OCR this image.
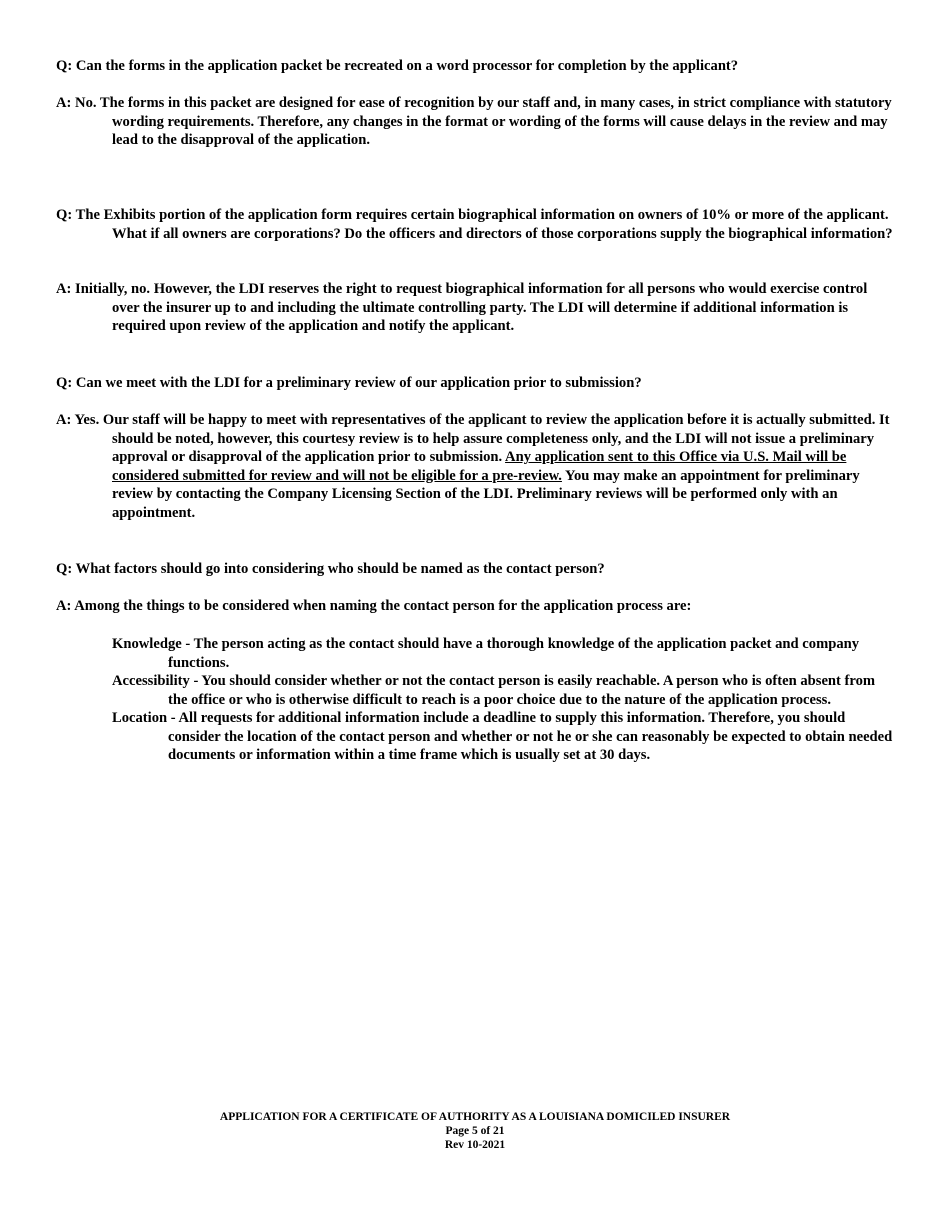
Q: Can the forms in the application packet be recreated on a word processor for completion by the applicant?

A: No. The forms in this packet are designed for ease of recognition by our staff and, in many cases, in strict compliance with statutory wording requirements. Therefore, any changes in the format or wording of the forms will cause delays in the review and may lead to the disapproval of the application.

Q: The Exhibits portion of the application form requires certain biographical information on owners of 10% or more of the applicant. What if all owners are corporations? Do the officers and directors of those corporations supply the biographical information?

A: Initially, no. However, the LDI reserves the right to request biographical information for all persons who would exercise control over the insurer up to and including the ultimate controlling party. The LDI will determine if additional information is required upon review of the application and notify the applicant.

Q: Can we meet with the LDI for a preliminary review of our application prior to submission?

A: Yes. Our staff will be happy to meet with representatives of the applicant to review the application before it is actually submitted. It should be noted, however, this courtesy review is to help assure completeness only, and the LDI will not issue a preliminary approval or disapproval of the application prior to submission. Any application sent to this Office via U.S. Mail will be considered submitted for review and will not be eligible for a pre-review. You may make an appointment for preliminary review by contacting the Company Licensing Section of the LDI. Preliminary reviews will be performed only with an appointment.

Q: What factors should go into considering who should be named as the contact person?

A: Among the things to be considered when naming the contact person for the application process are:

Knowledge - The person acting as the contact should have a thorough knowledge of the application packet and company functions.

Accessibility - You should consider whether or not the contact person is easily reachable. A person who is often absent from the office or who is otherwise difficult to reach is a poor choice due to the nature of the application process.

Location - All requests for additional information include a deadline to supply this information. Therefore, you should consider the location of the contact person and whether or not he or she can reasonably be expected to obtain needed documents or information within a time frame which is usually set at 30 days.

APPLICATION FOR A CERTIFICATE OF AUTHORITY AS A LOUISIANA DOMICILED INSURER
Page 5 of 21
Rev 10-2021
